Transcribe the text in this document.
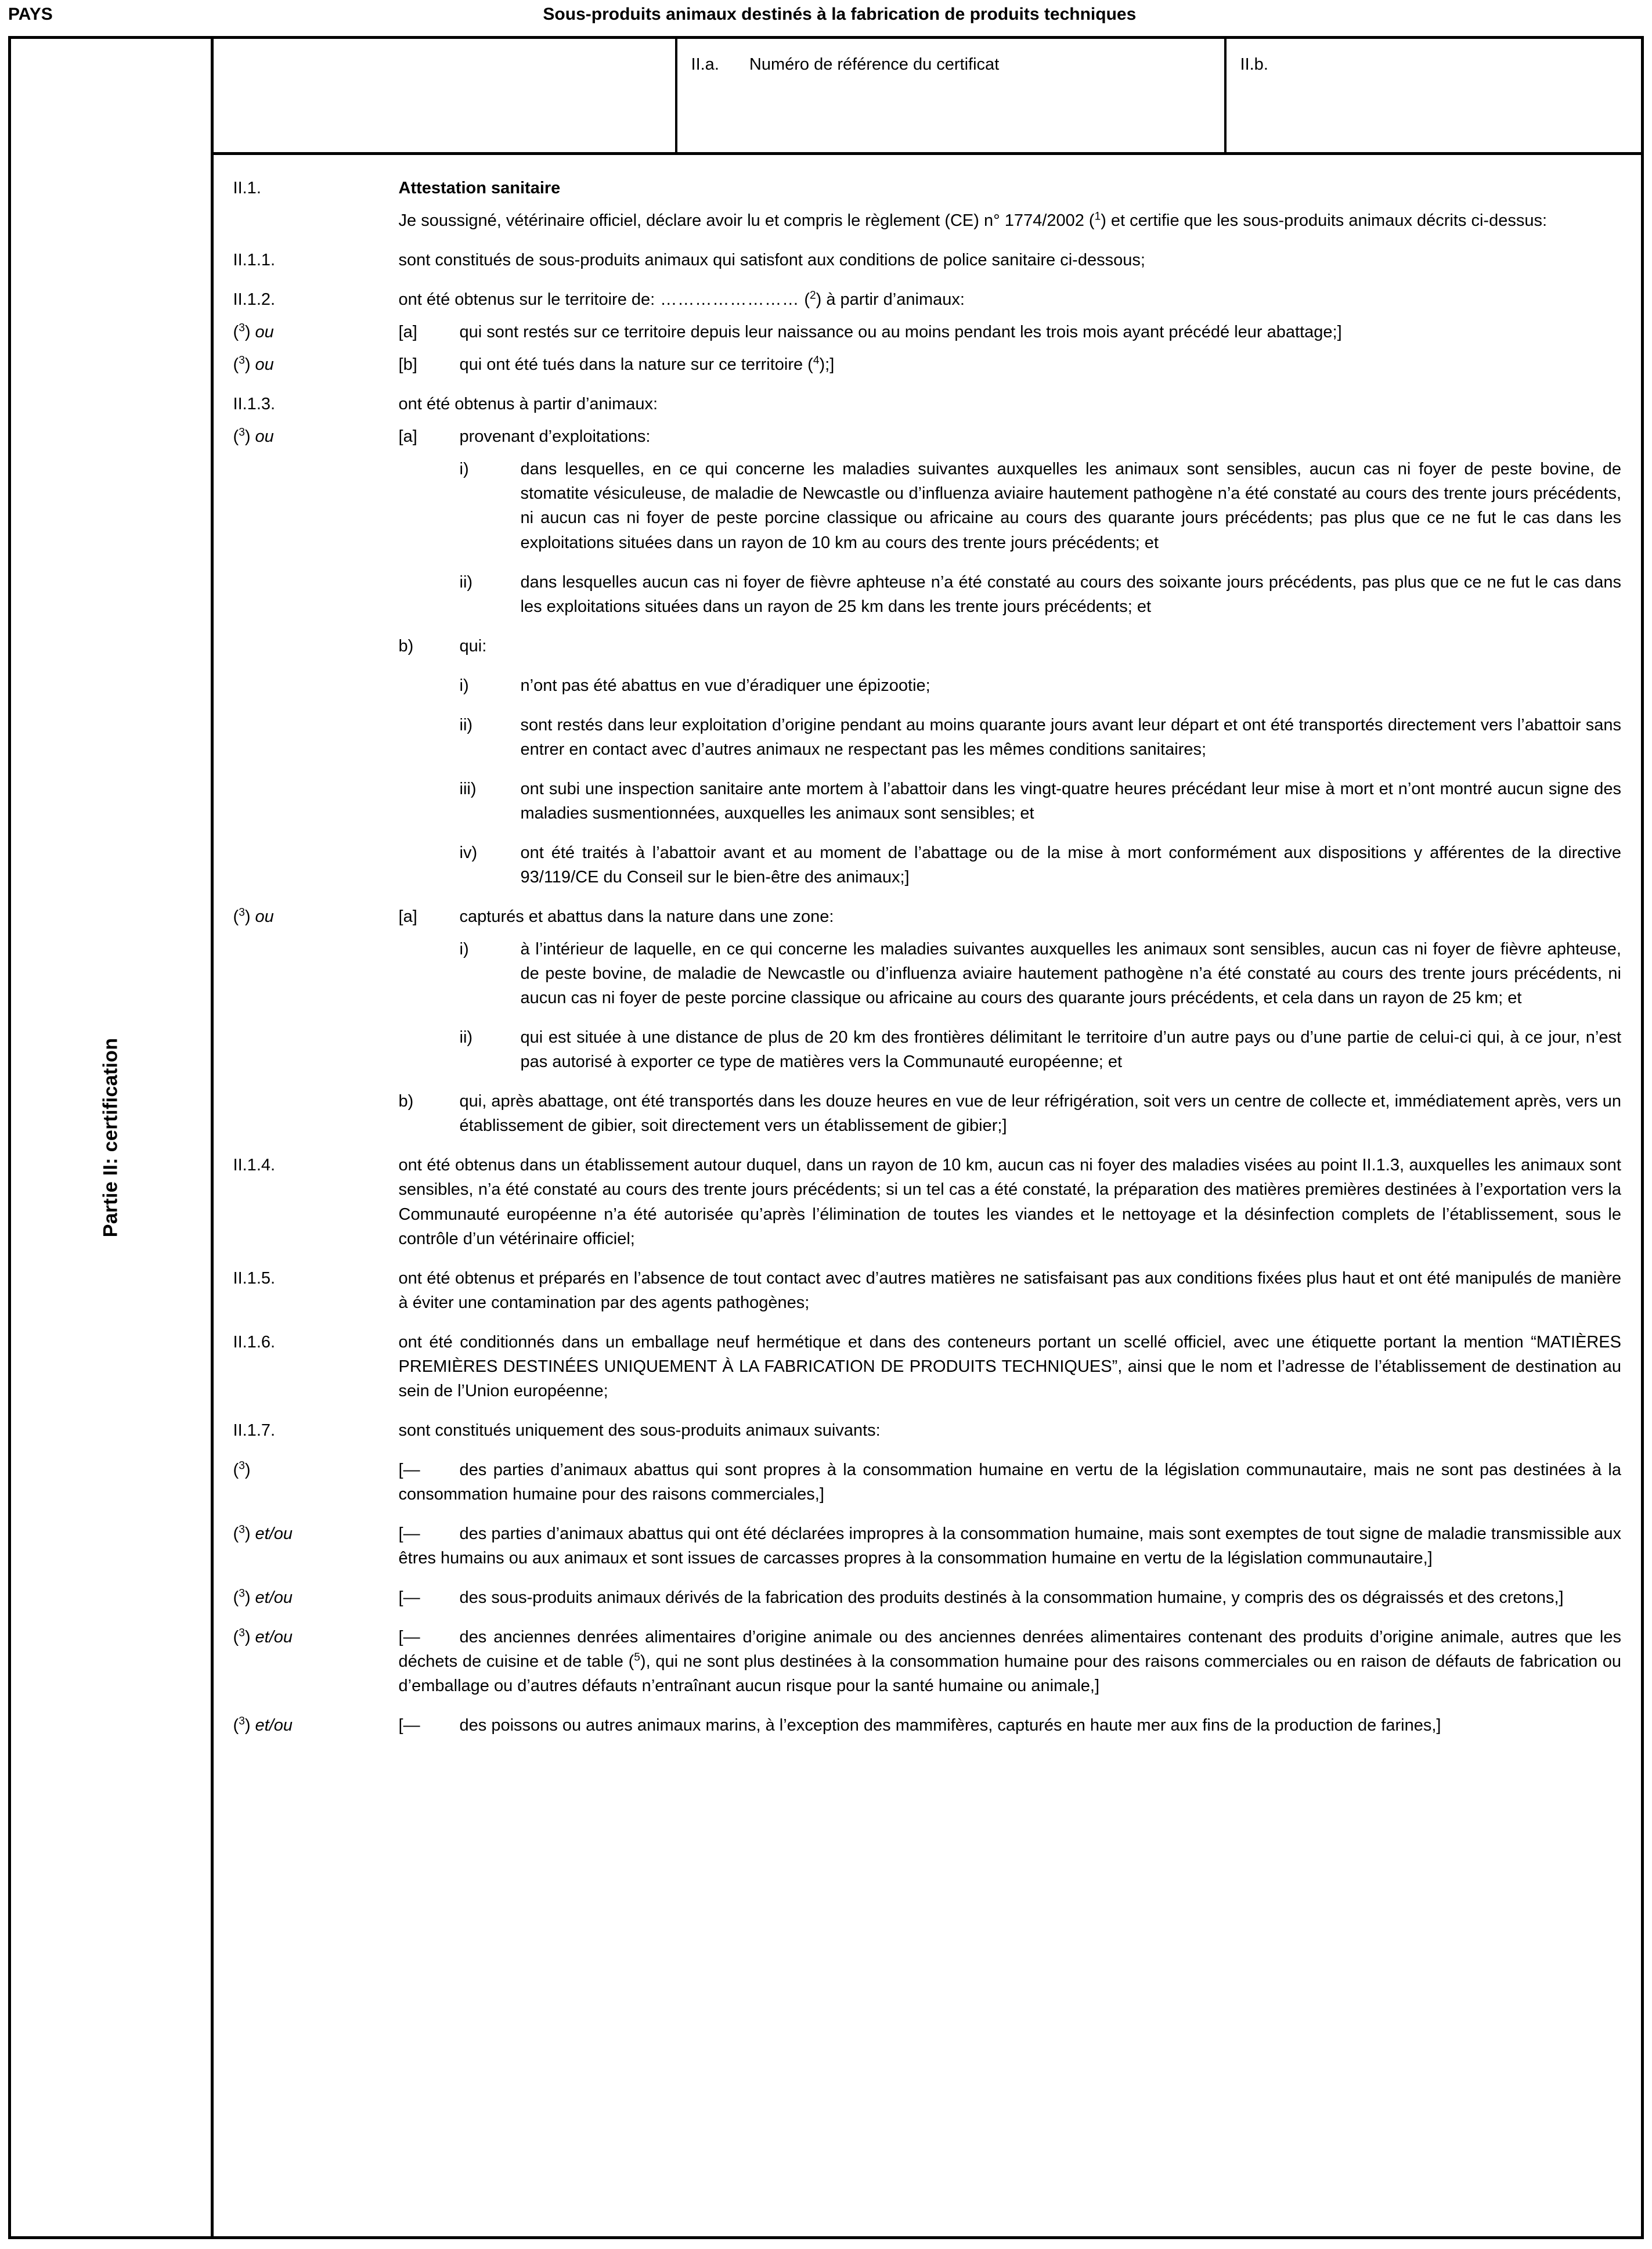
PAYS	Sous-produits animaux destinés à la fabrication de produits techniques
Partie II: certification
II.a. Numéro de référence du certificat	II.b.
II.1.	Attestation sanitaire
Je soussigné, vétérinaire officiel, déclare avoir lu et compris le règlement (CE) n° 1774/2002 ($^1$) et certifie que les sous-produits animaux décrits ci-dessus:
II.1.1.	sont constitués de sous-produits animaux qui satisfont aux conditions de police sanitaire ci-dessous;
II.1.2.	ont été obtenus sur le territoire de: …………………… ($^2$) à partir d’animaux:
($^3$) ou	[a]	qui sont restés sur ce territoire depuis leur naissance ou au moins pendant les trois mois ayant précédé leur abattage;]
($^3$) ou	[b]	qui ont été tués dans la nature sur ce territoire ($^4$);]
II.1.3.	ont été obtenus à partir d’animaux:
($^3$) ou	[a]	provenant d’exploitations:
i)	dans lesquelles, en ce qui concerne les maladies suivantes auxquelles les animaux sont sensibles, aucun cas ni foyer de peste bovine, de stomatite vésiculeuse, de maladie de Newcastle ou d’influenza aviaire hautement pathogène n’a été constaté au cours des trente jours précédents, ni aucun cas ni foyer de peste porcine classique ou africaine au cours des quarante jours précédents; pas plus que ce ne fut le cas dans les exploitations situées dans un rayon de 10 km au cours des trente jours précédents; et
ii)	dans lesquelles aucun cas ni foyer de fièvre aphteuse n’a été constaté au cours des soixante jours précédents, pas plus que ce ne fut le cas dans les exploitations situées dans un rayon de 25 km dans les trente jours précédents; et
b)	qui:
i)	n’ont pas été abattus en vue d’éradiquer une épizootie;
ii)	sont restés dans leur exploitation d’origine pendant au moins quarante jours avant leur départ et ont été transportés directement vers l’abattoir sans entrer en contact avec d’autres animaux ne respectant pas les mêmes conditions sanitaires;
iii)	ont subi une inspection sanitaire ante mortem à l’abattoir dans les vingt-quatre heures précédant leur mise à mort et n’ont montré aucun signe des maladies susmentionnées, auxquelles les animaux sont sensibles; et
iv)	ont été traités à l’abattoir avant et au moment de l’abattage ou de la mise à mort conformément aux dispositions y afférentes de la directive 93/119/CE du Conseil sur le bien-être des animaux;]
($^3$) ou	[a]	capturés et abattus dans la nature dans une zone:
i)	à l’intérieur de laquelle, en ce qui concerne les maladies suivantes auxquelles les animaux sont sensibles, aucun cas ni foyer de fièvre aphteuse, de peste bovine, de maladie de Newcastle ou d’influenza aviaire hautement pathogène n’a été constaté au cours des trente jours précédents, ni aucun cas ni foyer de peste porcine classique ou africaine au cours des quarante jours précédents, et cela dans un rayon de 25 km; et
ii)	qui est située à une distance de plus de 20 km des frontières délimitant le territoire d’un autre pays ou d’une partie de celui-ci qui, à ce jour, n’est pas autorisé à exporter ce type de matières vers la Communauté européenne; et
b)	qui, après abattage, ont été transportés dans les douze heures en vue de leur réfrigération, soit vers un centre de collecte et, immédiatement après, vers un établissement de gibier, soit directement vers un établissement de gibier;]
II.1.4.	ont été obtenus dans un établissement autour duquel, dans un rayon de 10 km, aucun cas ni foyer des maladies visées au point II.1.3, auxquelles les animaux sont sensibles, n’a été constaté au cours des trente jours précédents; si un tel cas a été constaté, la préparation des matières premières destinées à l’exportation vers la Communauté européenne n’a été autorisée qu’après l’élimination de toutes les viandes et le nettoyage et la désinfection complets de l’établissement, sous le contrôle d’un vétérinaire officiel;
II.1.5.	ont été obtenus et préparés en l’absence de tout contact avec d’autres matières ne satisfaisant pas aux conditions fixées plus haut et ont été manipulés de manière à éviter une contamination par des agents pathogènes;
II.1.6.	ont été conditionnés dans un emballage neuf hermétique et dans des conteneurs portant un scellé officiel, avec une étiquette portant la mention “MATIÈRES PREMIÈRES DESTINÉES UNIQUEMENT À LA FABRICATION DE PRODUITS TECHNIQUES”, ainsi que le nom et l’adresse de l’établissement de destination au sein de l’Union européenne;
II.1.7.	sont constitués uniquement des sous-produits animaux suivants:
($^3$)	[— des parties d’animaux abattus qui sont propres à la consommation humaine en vertu de la législation communautaire, mais ne sont pas destinées à la consommation humaine pour des raisons commerciales,]
($^3$) et/ou	[— des parties d’animaux abattus qui ont été déclarées impropres à la consommation humaine, mais sont exemptes de tout signe de maladie transmissible aux êtres humains ou aux animaux et sont issues de carcasses propres à la consommation humaine en vertu de la législation communautaire,]
($^3$) et/ou	[— des sous-produits animaux dérivés de la fabrication des produits destinés à la consommation humaine, y compris des os dégraissés et des cretons,]
($^3$) et/ou	[— des anciennes denrées alimentaires d’origine animale ou des anciennes denrées alimentaires contenant des produits d’origine animale, autres que les déchets de cuisine et de table ($^5$), qui ne sont plus destinées à la consommation humaine pour des raisons commerciales ou en raison de défauts de fabrication ou d’emballage ou d’autres défauts n’entraînant aucun risque pour la santé humaine ou animale,]
($^3$) et/ou	[— des poissons ou autres animaux marins, à l’exception des mammifères, capturés en haute mer aux fins de la production de farines,]
